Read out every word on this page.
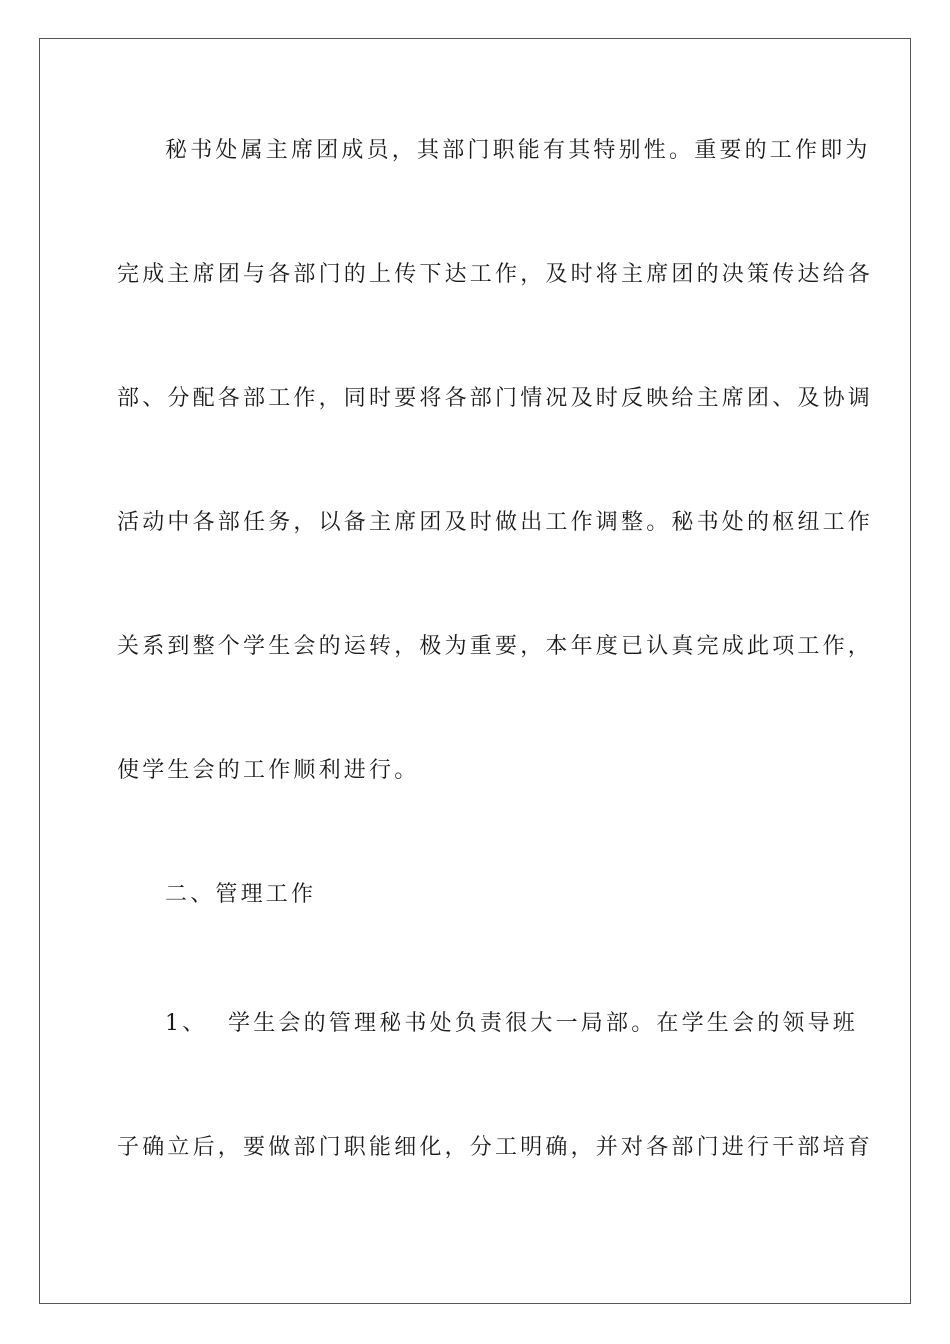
秘书处属主席团成员，其部门职能有其特别性。重要的工作即为
完成主席团与各部门的上传下达工作，及时将主席团的决策传达给各
部、分配各部工作，同时要将各部门情况及时反映给主席团、及协调
活动中各部任务，以备主席团及时做出工作调整。秘书处的枢纽工作
关系到整个学生会的运转，极为重要，本年度已认真完成此项工作，
使学生会的工作顺利进行。
二、管理工作
1、 学生会的管理秘书处负责很大一局部。在学生会的领导班
子确立后，要做部门职能细化，分工明确，并对各部门进行干部培育
